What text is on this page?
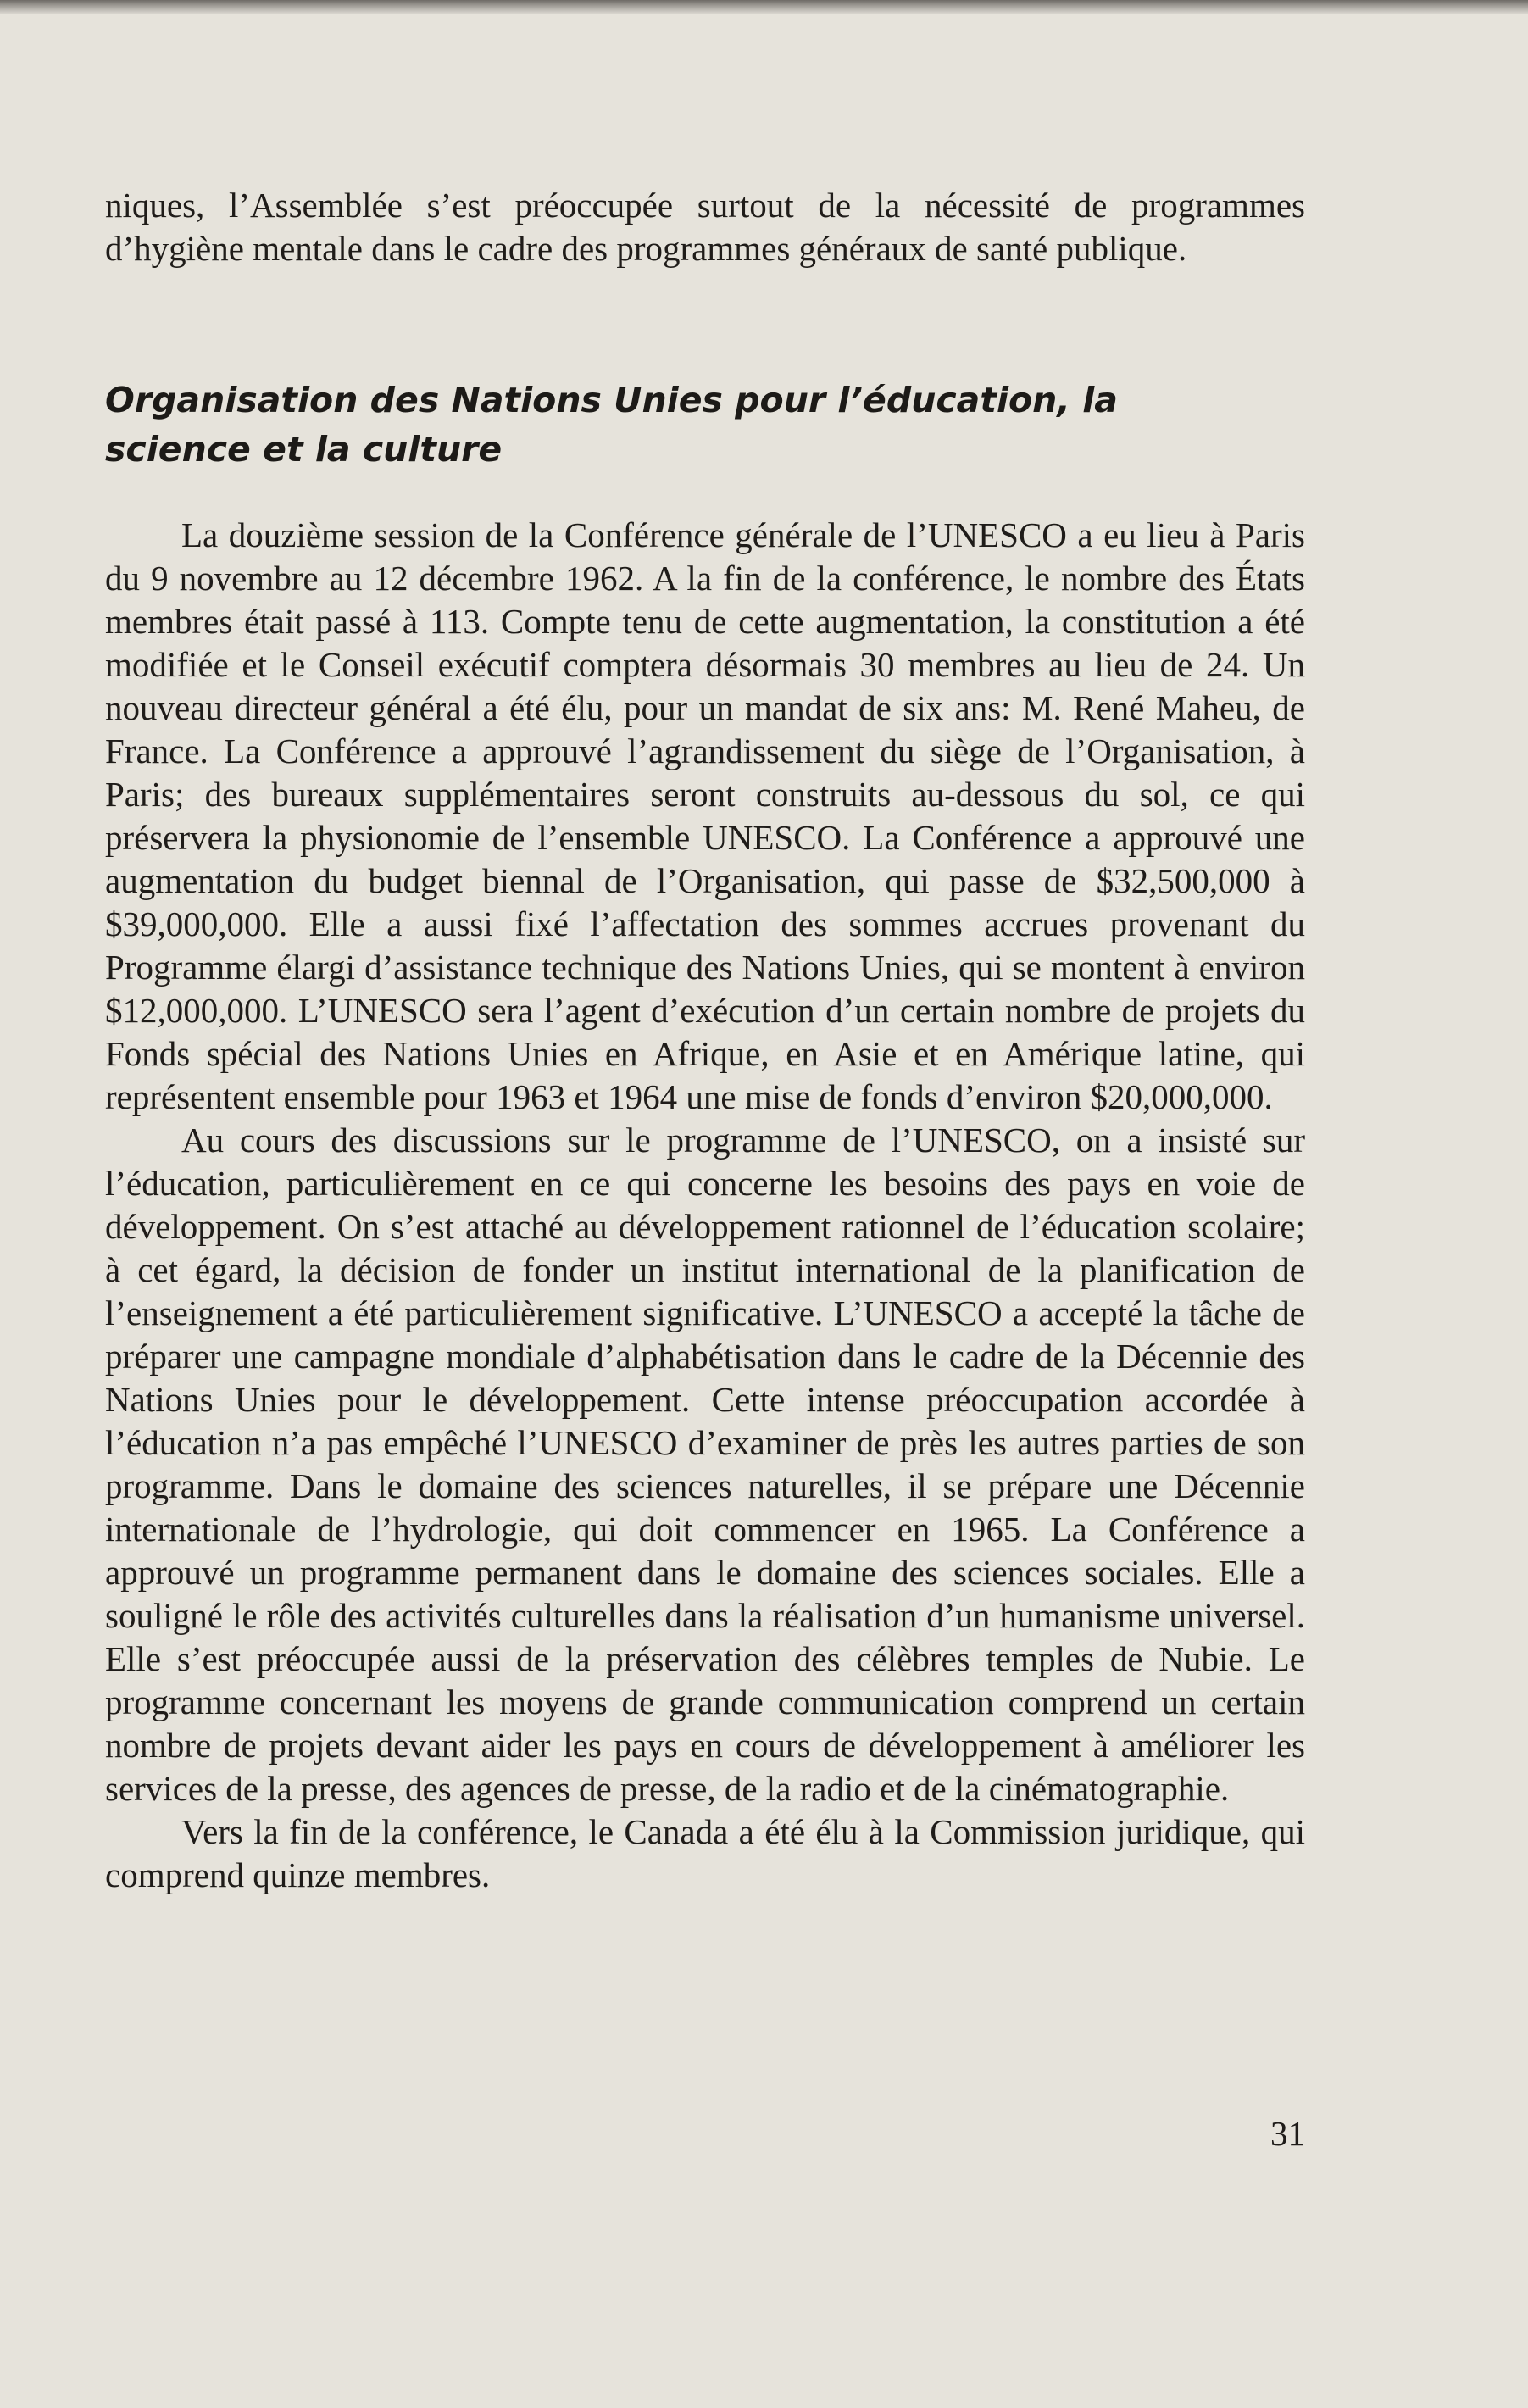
niques, l’Assemblée s’est préoccupée surtout de la nécessité de programmes d’hygiène mentale dans le cadre des programmes généraux de santé publique.

Organisation des Nations Unies pour l’éducation, la science et la culture

La douzième session de la Conférence générale de l’UNESCO a eu lieu à Paris du 9 novembre au 12 décembre 1962. A la fin de la conférence, le nombre des États membres était passé à 113. Compte tenu de cette augmentation, la constitution a été modifiée et le Conseil exécutif comptera désormais 30 membres au lieu de 24. Un nouveau directeur général a été élu, pour un mandat de six ans: M. René Maheu, de France. La Conférence a approuvé l’agrandissement du siège de l’Organisation, à Paris; des bureaux supplémentaires seront construits au-dessous du sol, ce qui préservera la physionomie de l’ensemble UNESCO. La Conférence a approuvé une augmentation du budget biennal de l’Organisation, qui passe de $32,500,000 à $39,000,000. Elle a aussi fixé l’affectation des sommes accrues provenant du Programme élargi d’assistance technique des Nations Unies, qui se montent à environ $12,000,000. L’UNESCO sera l’agent d’exécution d’un certain nombre de projets du Fonds spécial des Nations Unies en Afrique, en Asie et en Amérique latine, qui représentent ensemble pour 1963 et 1964 une mise de fonds d’environ $20,000,000.

Au cours des discussions sur le programme de l’UNESCO, on a insisté sur l’éducation, particulièrement en ce qui concerne les besoins des pays en voie de développement. On s’est attaché au développement rationnel de l’éducation scolaire; à cet égard, la décision de fonder un institut international de la planification de l’enseignement a été particulièrement significative. L’UNESCO a accepté la tâche de préparer une campagne mondiale d’alphabétisation dans le cadre de la Décennie des Nations Unies pour le développement. Cette intense préoccupation accordée à l’éducation n’a pas empêché l’UNESCO d’examiner de près les autres parties de son programme. Dans le domaine des sciences naturelles, il se prépare une Décennie internationale de l’hydrologie, qui doit commencer en 1965. La Conférence a approuvé un programme permanent dans le domaine des sciences sociales. Elle a souligné le rôle des activités culturelles dans la réalisation d’un humanisme universel. Elle s’est préoccupée aussi de la préservation des célèbres temples de Nubie. Le programme concernant les moyens de grande communication comprend un certain nombre de projets devant aider les pays en cours de développement à améliorer les services de la presse, des agences de presse, de la radio et de la cinématographie.

Vers la fin de la conférence, le Canada a été élu à la Commission juridique, qui comprend quinze membres.

31
